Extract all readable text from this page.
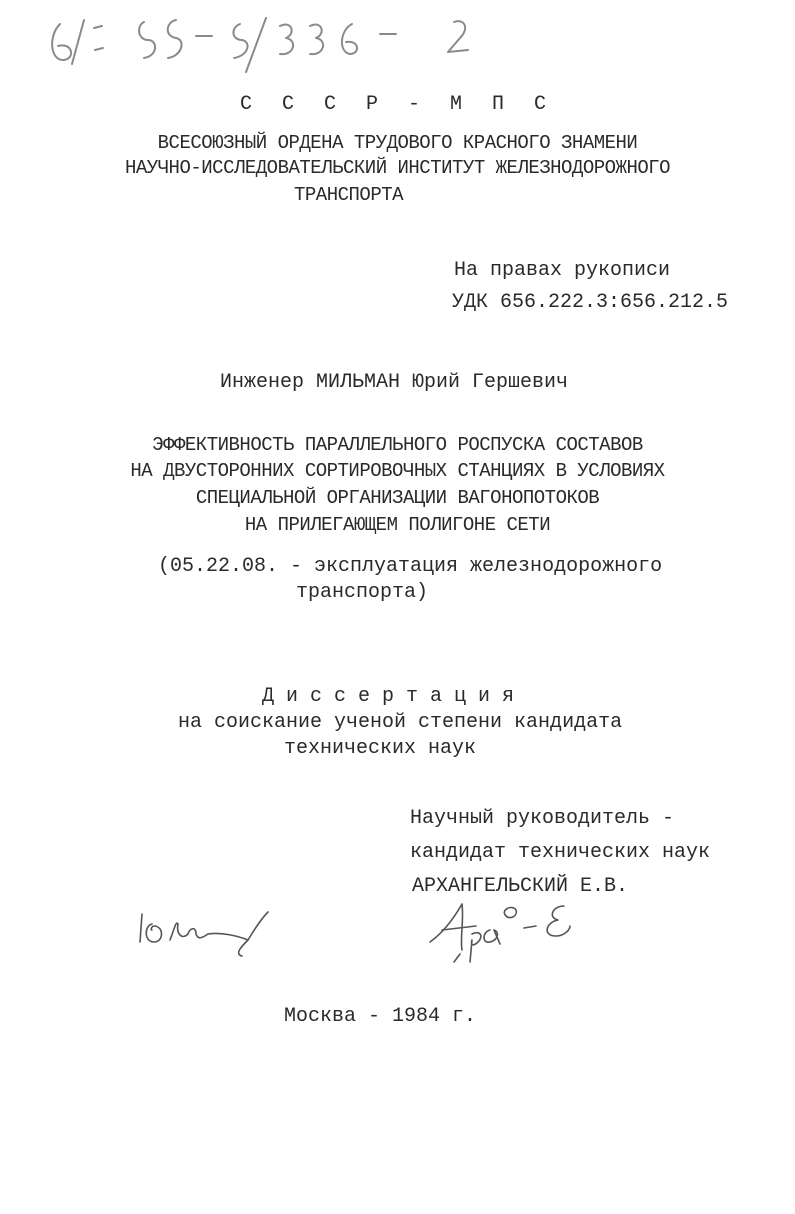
С С С Р - М П С
ВСЕСОЮЗНЫЙ ОРДЕНА ТРУДОВОГО КРАСНОГО ЗНАМЕНИ
НАУЧНО-ИССЛЕДОВАТЕЛЬСКИЙ ИНСТИТУТ ЖЕЛЕЗНОДОРОЖНОГО
ТРАНСПОРТА
На правах рукописи
УДК 656.222.3:656.212.5
Инженер МИЛЬМАН Юрий Гершевич
ЭФФЕКТИВНОСТЬ ПАРАЛЛЕЛЬНОГО РОСПУСКА СОСТАВОВ
НА ДВУСТОРОННИХ СОРТИРОВОЧНЫХ СТАНЦИЯХ В УСЛОВИЯХ
СПЕЦИАЛЬНОЙ ОРГАНИЗАЦИИ ВАГОНОПОТОКОВ
НА ПРИЛЕГАЮЩЕМ ПОЛИГОНЕ СЕТИ
(05.22.08. - эксплуатация железнодорожного
транспорта)
Д и с с е р т а ц и я
на соискание ученой степени кандидата
технических наук
Научный руководитель -
кандидат технических наук
АРХАНГЕЛЬСКИЙ Е.В.
Москва - 1984 г.
